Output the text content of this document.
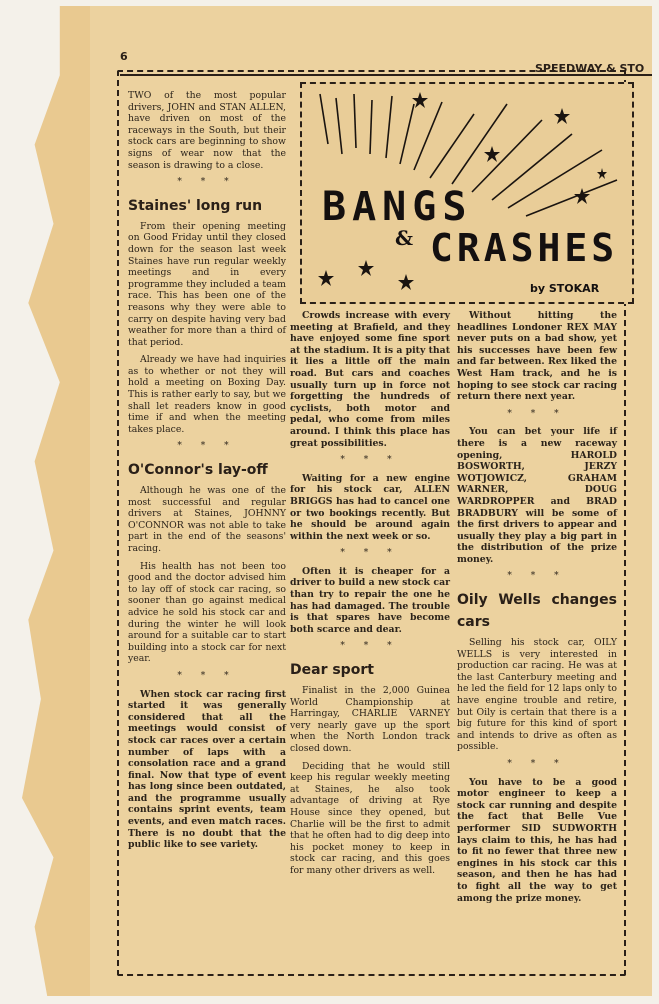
6
SPEEDWAY & STO
BANGS
& CRASHES
by STOKAR

TWO of the most popular drivers, JOHN and STAN ALLEN, have driven on most of the raceways in the South, but their stock cars are beginning to show signs of wear now that the season is drawing to a close.

* * *
Staines' long run

From their opening meeting on Good Friday until they closed down for the season last week Staines have run regular weekly meetings and in every programme they included a team race. This has been one of the reasons why they were able to carry on despite having very bad weather for more than a third of that period.

Already we have had inquiries as to whether or not they will hold a meeting on Boxing Day. This is rather early to say, but we shall let readers know in good time if and when the meeting takes place.

* * *
O'Connor's lay-off

Although he was one of the most successful and regular drivers at Staines, JOHNNY O'CONNOR was not able to take part in the end of the seasons' racing.

His health has not been too good and the doctor advised him to lay off of stock car racing, so sooner than go against medical advice he sold his stock car and during the winter he will look around for a suitable car to start building into a stock car for next year.

* * *

When stock car racing first started it was generally considered that all the meetings would consist of stock car races over a certain number of laps with a consolation race and a grand final. Now that type of event has long since been outdated, and the programme usually contains sprint events, team events, and even match races. There is no doubt that the public like to see variety.

Crowds increase with every meeting at Brafield, and they have enjoyed some fine sport at the stadium. It is a pity that it lies a little off the main road. But cars and coaches usually turn up in force not forgetting the hundreds of cyclists, both motor and pedal, who come from miles around. I think this place has great possibilities.

* * *

Waiting for a new engine for his stock car, ALLEN BRIGGS has had to cancel one or two bookings recently. But he should be around again within the next week or so.

* * *

Often it is cheaper for a driver to build a new stock car than try to repair the one he has had damaged. The trouble is that spares have become both scarce and dear.

* * *
Dear sport

Finalist in the 2,000 Guinea World Championship at Harringay, CHARLIE VARNEY very nearly gave up the sport when the North London track closed down.

Deciding that he would still keep his regular weekly meeting at Staines, he also took advantage of driving at Rye House since they opened, but Charlie will be the first to admit that he often had to dig deep into his pocket money to keep in stock car racing, and this goes for many other drivers as well.

Without hitting the headlines Londoner REX MAY never puts on a bad show, yet his successes have been few and far between. Rex liked the West Ham track, and he is hoping to see stock car racing return there next year.

* * *

You can bet your life if there is a new raceway opening, HAROLD BOSWORTH, JERZY WOTJOWICZ, GRAHAM WARNER, DOUG WARDROPPER and BRAD BRADBURY will be some of the first drivers to appear and usually they play a big part in the distribution of the prize money.

* * *
Oily Wells changes cars

Selling his stock car, OILY WELLS is very interested in production car racing. He was at the last Canterbury meeting and he led the field for 12 laps only to have engine trouble and retire, but Oily is certain that there is a big future for this kind of sport and intends to drive as often as possible.

* * *

You have to be a good motor engineer to keep a stock car running and despite the fact that Belle Vue performer SID SUDWORTH lays claim to this, he has had to fit no fewer that three new engines in his stock car this season, and then he has had to fight all the way to get among the prize money.
